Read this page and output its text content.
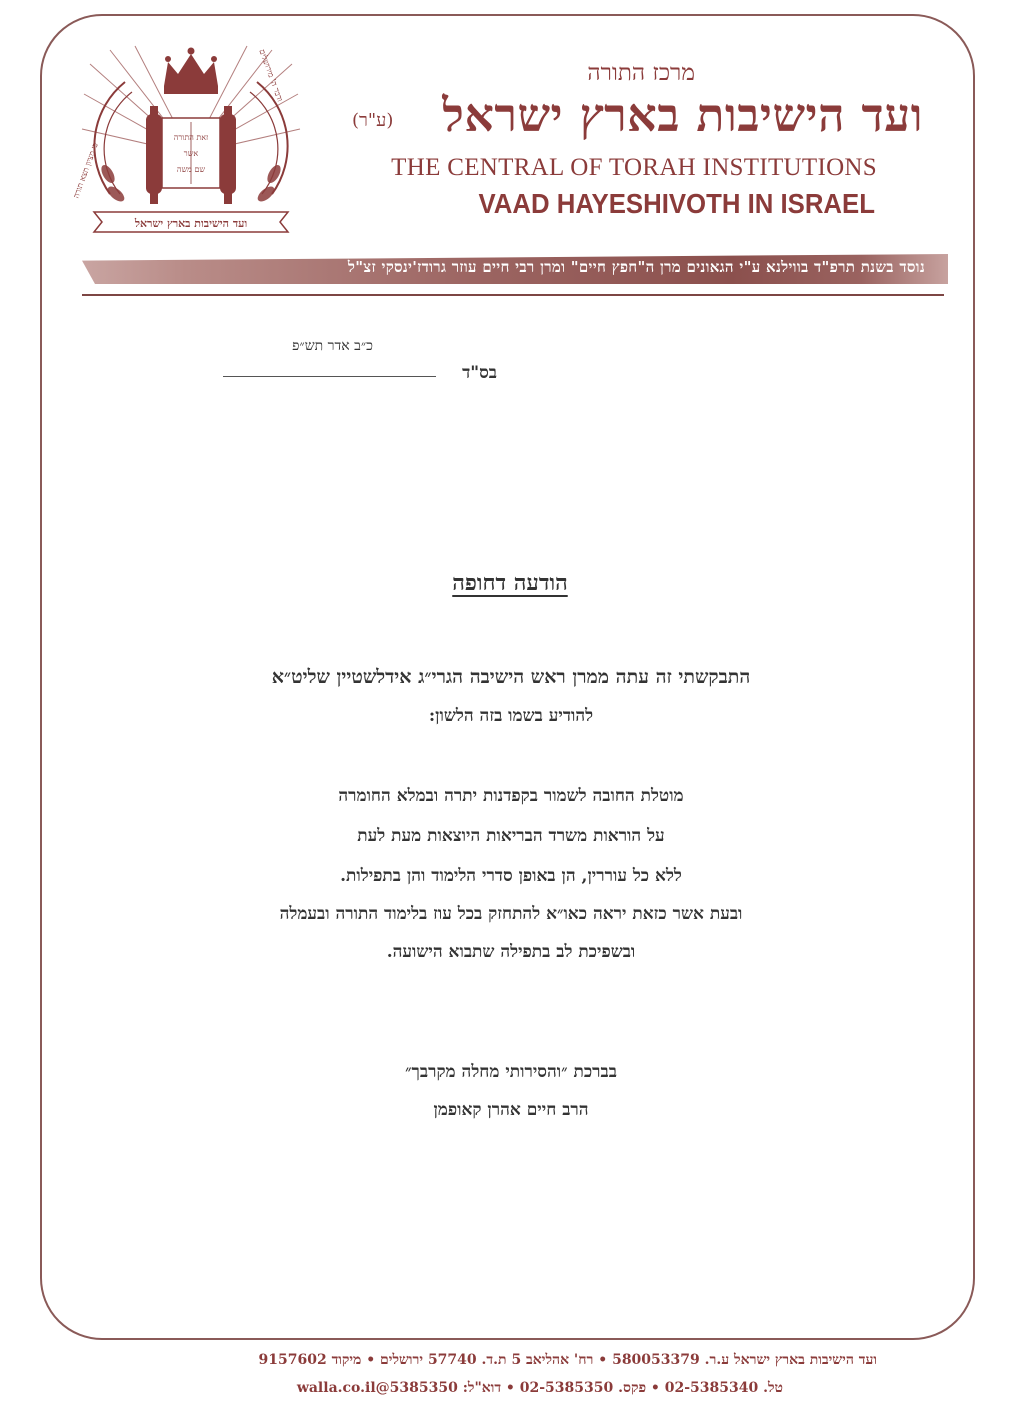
זאת התורה
אשר
שם משה
כי מציון תצא תורה
ודבר ה' מירושלים
ועד הישיבות בארץ ישראל
מרכז התורה
ועד הישיבות בארץ ישראל
(ע"ר)
THE CENTRAL OF TORAH INSTITUTIONS
VAAD HAYESHIVOTH IN ISRAEL
נוסד בשנת תרפ"ד בווילנא ע"י הגאונים מרן ה"חפץ חיים" ומרן רבי חיים עוזר גרודז'ינסקי זצ"ל
כ״ב אדר תש״פ
בס"ד
הודעה דחופה
התבקשתי זה עתה ממרן ראש הישיבה הגרי״ג אידלשטיין שליט״א
להודיע בשמו בזה הלשון:
מוטלת החובה לשמור בקפדנות יתרה ובמלא החומרה
על הוראות משרד הבריאות היוצאות מעת לעת
ללא כל עוררין, הן באופן סדרי הלימוד והן בתפילות.
ובעת אשר כזאת יראה כאו״א להתחזק בכל עוז בלימוד התורה ובעמלה
ובשפיכת לב בתפילה שתבוא הישועה.
בברכת ״והסירותי מחלה מקרבך״
הרב חיים אהרן קאופמן
ועד הישיבות בארץ ישראל ע.ר. 580053379 • רח' אהליאב 5 ת.ד. 57740 ירושלים • מיקוד 9157602
טל. 02-5385340 • פקס. 02-5385350 • דוא"ל: 5385350@walla.co.il
